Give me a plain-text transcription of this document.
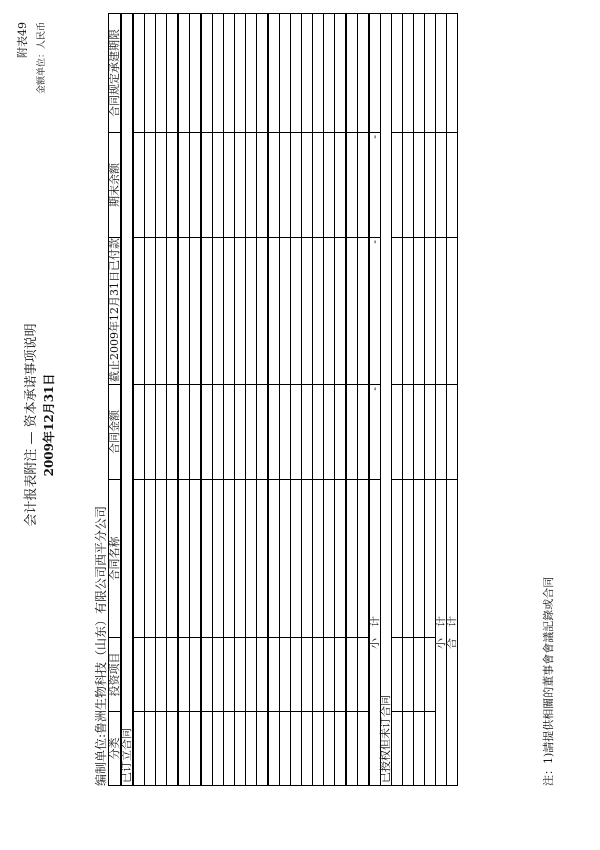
会计报表附注 — 资本承诺事项说明 2009年12月31日
附表49 金额单位：人民币
编制单位:鲁洲生物科技（山东）有限公司西平分公司 分类	投资项目	合同名称	合同金额	截止2009年12月31日已付款	期末余额	合同规定承建期限
已订立合同						

小　计			-	-	-	
已授权但未订合同						

小　计						
合　计							注：1)請提供相關的董事會會議記錄或合同
